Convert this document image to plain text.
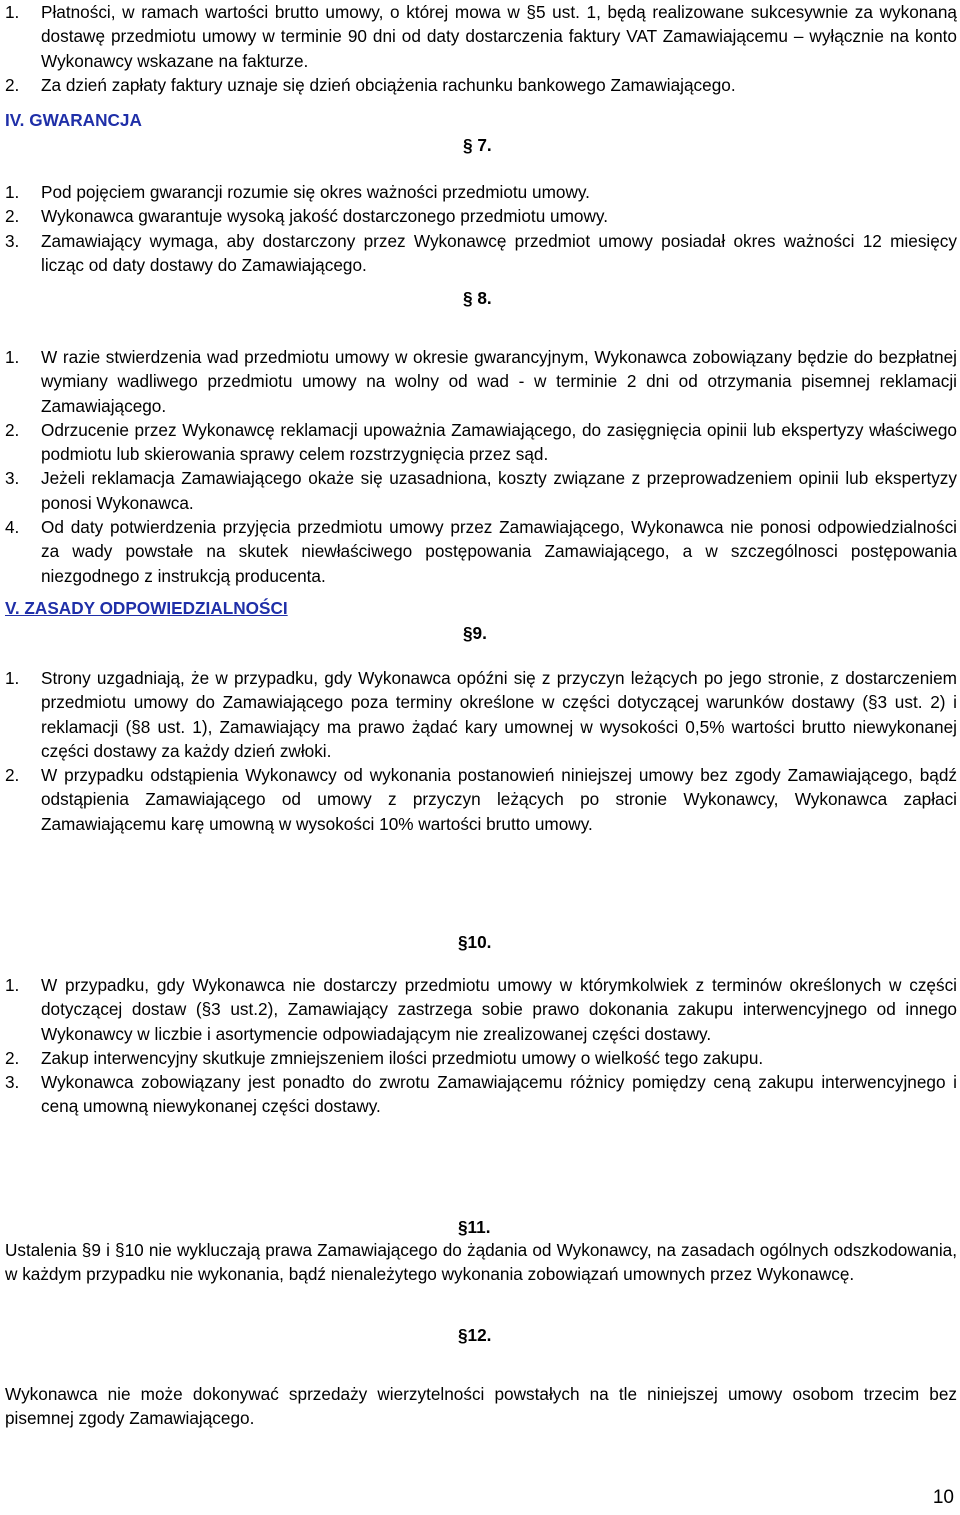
1. Płatności, w ramach wartości brutto umowy, o której mowa w §5 ust. 1, będą realizowane sukcesywnie za wykonaną dostawę przedmiotu umowy w terminie 90 dni od daty dostarczenia faktury VAT Zamawiającemu – wyłącznie na konto Wykonawcy wskazane na fakturze.
2. Za dzień zapłaty faktury uznaje się dzień obciążenia rachunku bankowego Zamawiającego.
IV. GWARANCJA
§ 7.
1. Pod pojęciem gwarancji rozumie się okres ważności przedmiotu umowy.
2. Wykonawca gwarantuje wysoką jakość dostarczonego przedmiotu umowy.
3. Zamawiający wymaga, aby dostarczony przez Wykonawcę przedmiot umowy posiadał okres ważności 12 miesięcy licząc od daty dostawy do Zamawiającego.
§ 8.
1. W razie stwierdzenia wad przedmiotu umowy w okresie gwarancyjnym, Wykonawca zobowiązany będzie do bezpłatnej wymiany wadliwego przedmiotu umowy na wolny od wad - w terminie 2 dni od otrzymania pisemnej reklamacji Zamawiającego.
2. Odrzucenie przez Wykonawcę reklamacji upoważnia Zamawiającego, do zasięgnięcia opinii lub ekspertyzy właściwego podmiotu lub skierowania sprawy celem rozstrzygnięcia przez sąd.
3. Jeżeli reklamacja Zamawiającego okaże się uzasadniona, koszty związane z przeprowadzeniem opinii lub ekspertyzy ponosi Wykonawca.
4. Od daty potwierdzenia przyjęcia przedmiotu umowy przez Zamawiającego, Wykonawca nie ponosi odpowiedzialności za wady powstałe na skutek niewłaściwego postępowania Zamawiającego, a w szczególnosci postępowania niezgodnego z instrukcją producenta.
V. ZASADY ODPOWIEDZIALNOŚCI
§9.
1. Strony uzgadniają, że w przypadku, gdy Wykonawca opóźni się z przyczyn leżących po jego stronie, z dostarczeniem przedmiotu umowy do Zamawiającego poza terminy określone w części dotyczącej warunków dostawy (§3 ust. 2) i reklamacji (§8 ust. 1), Zamawiający ma prawo żądać kary umownej w wysokości 0,5% wartości brutto niewykonanej części dostawy za każdy dzień zwłoki.
2. W przypadku odstąpienia Wykonawcy od wykonania postanowień niniejszej umowy bez zgody Zamawiającego, bądź odstąpienia Zamawiającego od umowy z przyczyn leżących po stronie Wykonawcy, Wykonawca zapłaci Zamawiającemu karę umowną w wysokości 10% wartości brutto umowy.
§10.
1. W przypadku, gdy Wykonawca nie dostarczy przedmiotu umowy w którymkolwiek z terminów określonych w części dotyczącej dostaw (§3 ust.2), Zamawiający zastrzega sobie prawo dokonania zakupu interwencyjnego od innego Wykonawcy w liczbie i asortymencie odpowiadającym nie zrealizowanej części dostawy.
2. Zakup interwencyjny skutkuje zmniejszeniem ilości przedmiotu umowy o wielkość tego zakupu.
3. Wykonawca zobowiązany jest ponadto do zwrotu Zamawiającemu różnicy pomiędzy ceną zakupu interwencyjnego i ceną umowną niewykonanej części dostawy.
§11.
Ustalenia §9 i §10 nie wykluczają prawa Zamawiającego do żądania od Wykonawcy, na zasadach ogólnych odszkodowania, w każdym przypadku nie wykonania, bądź nienależytego wykonania zobowiązań umownych przez Wykonawcę.
§12.
Wykonawca nie może dokonywać sprzedaży wierzytelności powstałych na tle niniejszej umowy osobom trzecim bez pisemnej zgody Zamawiającego.
10
